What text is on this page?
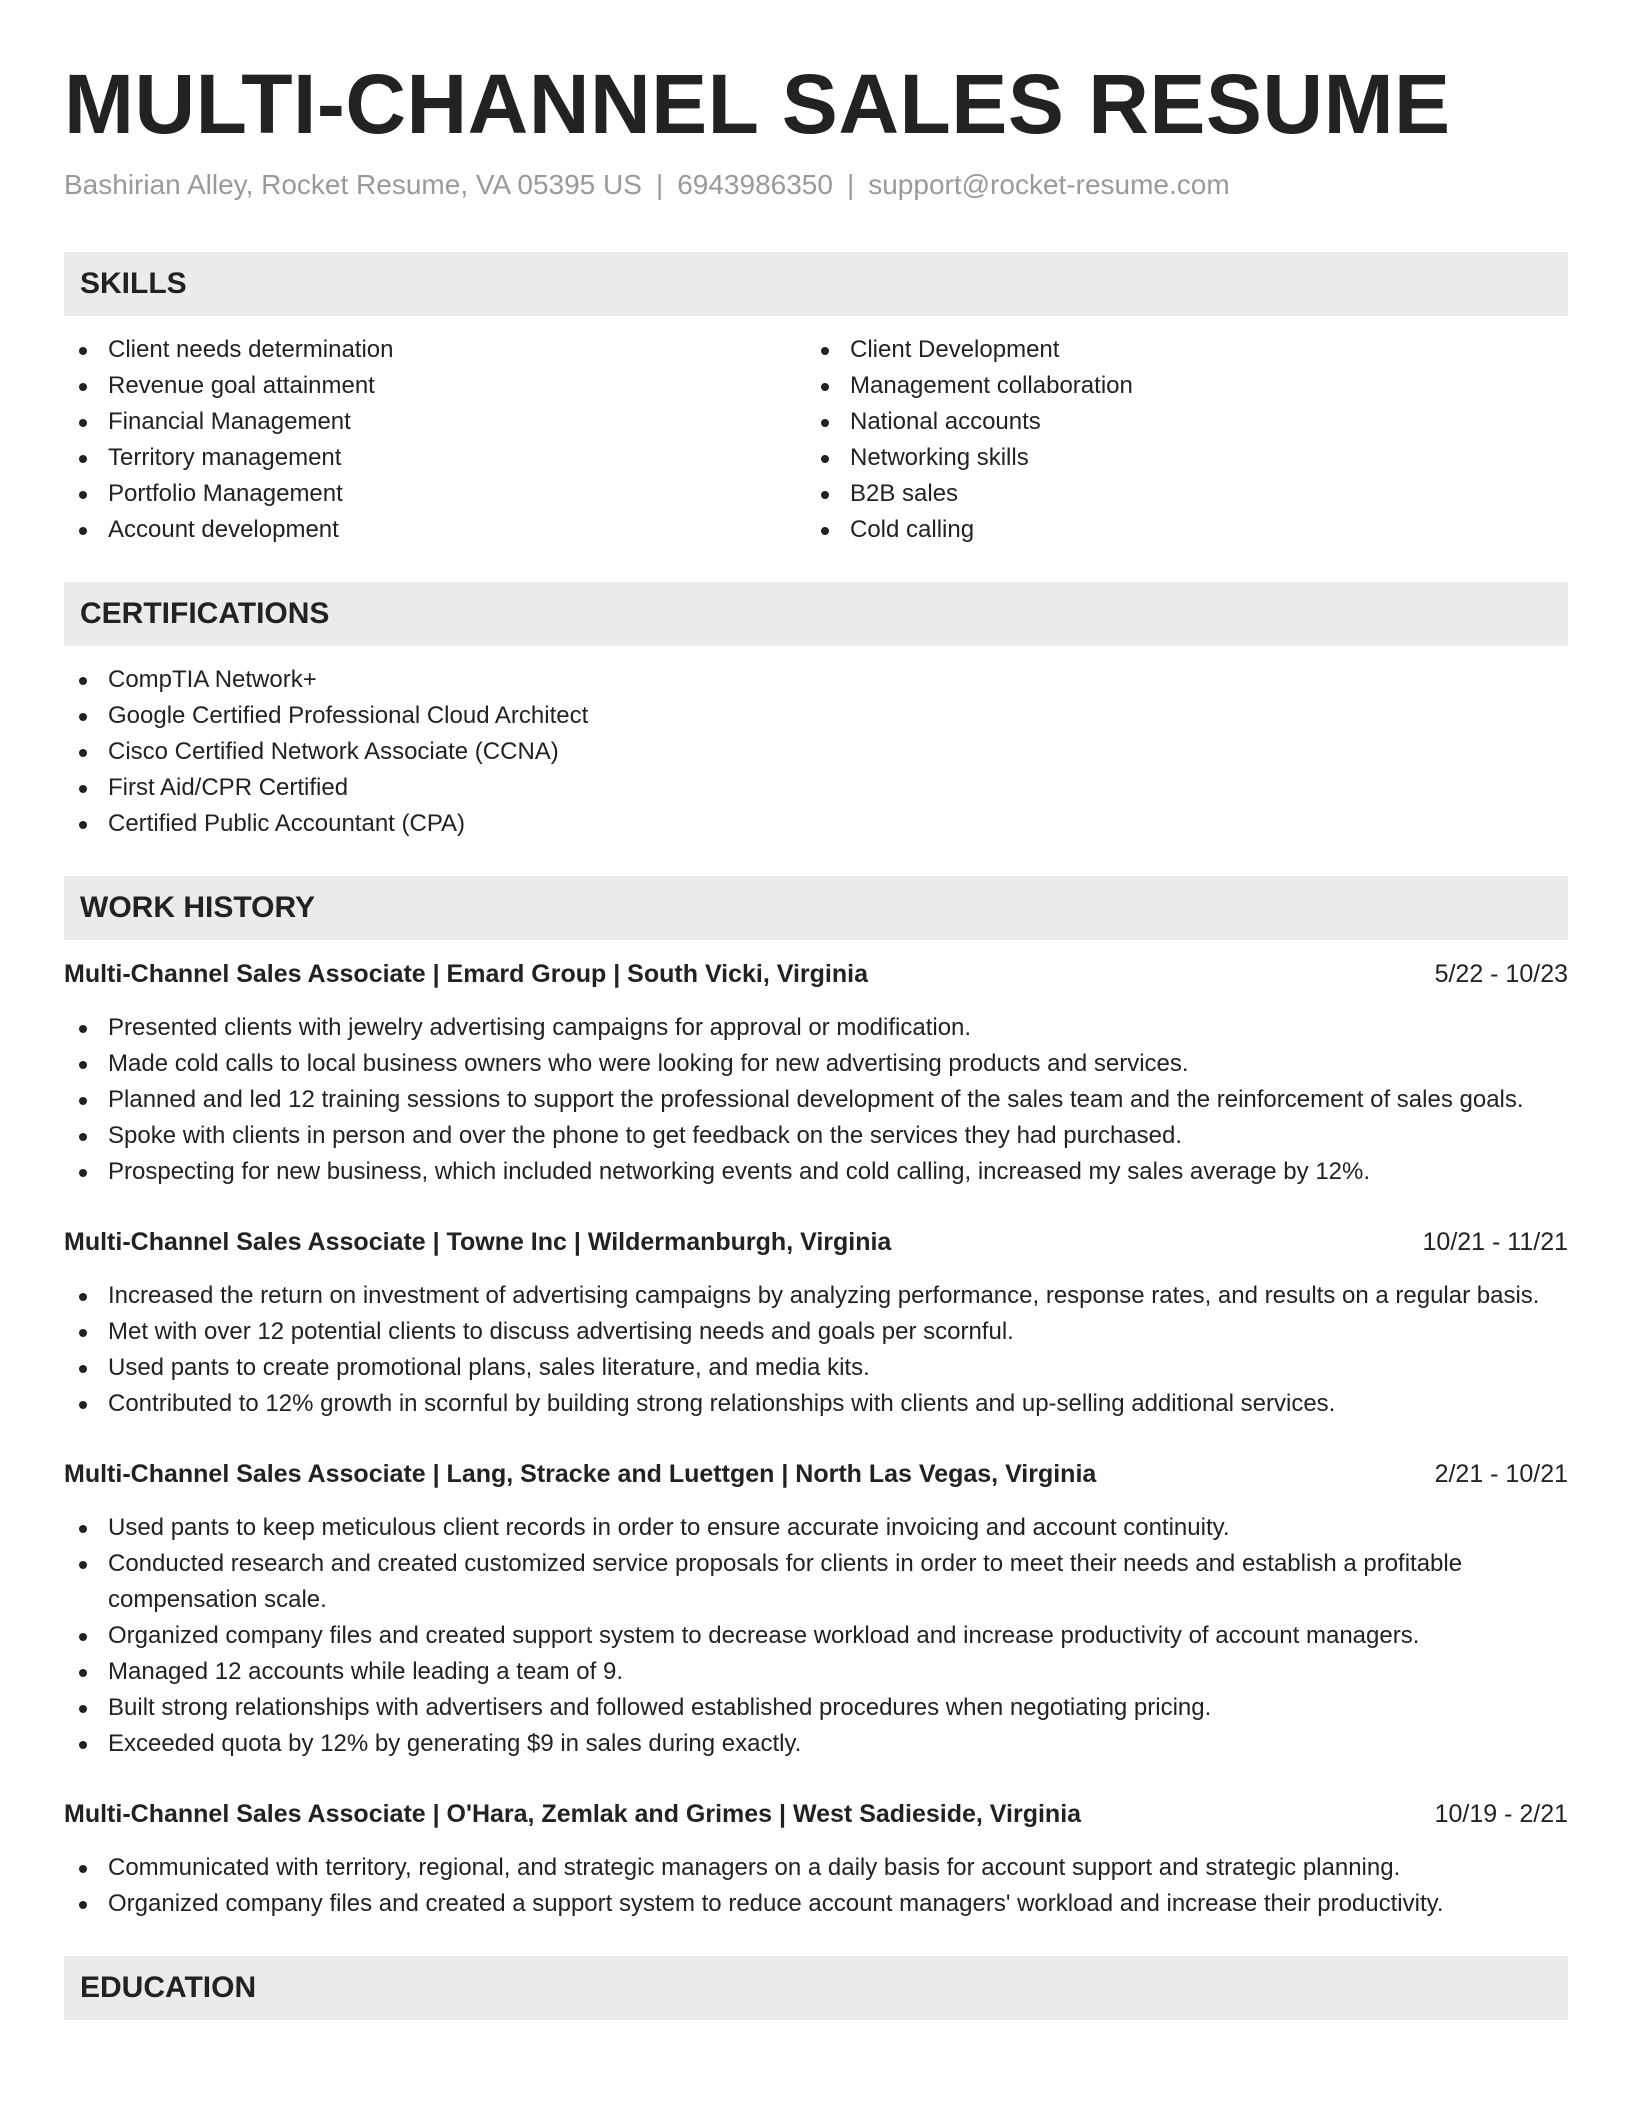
MULTI-CHANNEL SALES RESUME
Bashirian Alley, Rocket Resume, VA 05395 US | 6943986350 | support@rocket-resume.com
SKILLS
Client needs determination
Revenue goal attainment
Financial Management
Territory management
Portfolio Management
Account development
Client Development
Management collaboration
National accounts
Networking skills
B2B sales
Cold calling
CERTIFICATIONS
CompTIA Network+
Google Certified Professional Cloud Architect
Cisco Certified Network Associate (CCNA)
First Aid/CPR Certified
Certified Public Accountant (CPA)
WORK HISTORY
Multi-Channel Sales Associate | Emard Group | South Vicki, Virginia	5/22 - 10/23
Presented clients with jewelry advertising campaigns for approval or modification.
Made cold calls to local business owners who were looking for new advertising products and services.
Planned and led 12 training sessions to support the professional development of the sales team and the reinforcement of sales goals.
Spoke with clients in person and over the phone to get feedback on the services they had purchased.
Prospecting for new business, which included networking events and cold calling, increased my sales average by 12%.
Multi-Channel Sales Associate | Towne Inc | Wildermanburgh, Virginia	10/21 - 11/21
Increased the return on investment of advertising campaigns by analyzing performance, response rates, and results on a regular basis.
Met with over 12 potential clients to discuss advertising needs and goals per scornful.
Used pants to create promotional plans, sales literature, and media kits.
Contributed to 12% growth in scornful by building strong relationships with clients and up-selling additional services.
Multi-Channel Sales Associate | Lang, Stracke and Luettgen | North Las Vegas, Virginia	2/21 - 10/21
Used pants to keep meticulous client records in order to ensure accurate invoicing and account continuity.
Conducted research and created customized service proposals for clients in order to meet their needs and establish a profitable compensation scale.
Organized company files and created support system to decrease workload and increase productivity of account managers.
Managed 12 accounts while leading a team of 9.
Built strong relationships with advertisers and followed established procedures when negotiating pricing.
Exceeded quota by 12% by generating $9 in sales during exactly.
Multi-Channel Sales Associate | O'Hara, Zemlak and Grimes | West Sadieside, Virginia	10/19 - 2/21
Communicated with territory, regional, and strategic managers on a daily basis for account support and strategic planning.
Organized company files and created a support system to reduce account managers' workload and increase their productivity.
EDUCATION
